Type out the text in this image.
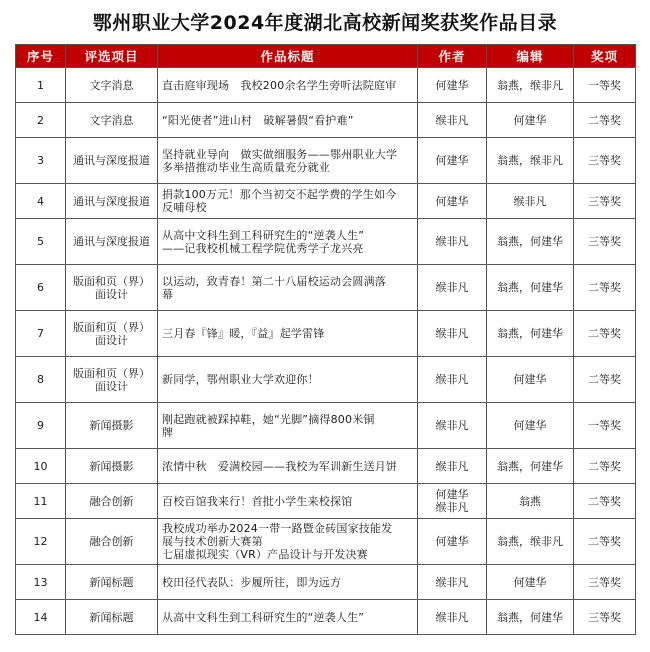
鄂州职业大学2024年度湖北高校新闻奖获奖作品目录
序号	评选项目	作品标题	作者	编辑	奖项
1	文字消息	直击庭审现场　我校200余名学生旁听法院庭审	何建华	翁燕，缑非凡	一等奖
2	文字消息	“阳光使者”进山村　破解暑假“看护难”	缑非凡	何建华	二等奖
3	通讯与深度报道	坚持就业导向　做实做细服务——鄂州职业大学
多举措推动毕业生高质量充分就业	何建华	翁燕，缑非凡	三等奖
4	通讯与深度报道	捐款100万元！那个当初交不起学费的学生如今
反哺母校	何建华	缑非凡	三等奖
5	通讯与深度报道	从高中文科生到工科研究生的“逆袭人生”
——记我校机械工程学院优秀学子龙兴亮	缑非凡	翁燕，何建华	三等奖
6	版面和页（界）
面设计	以运动，致青春！第二十八届校运动会圆满落
幕	缑非凡	翁燕，何建华	二等奖
7	版面和页（界）
面设计	三月春『锋』暖，『益』起学雷锋	缑非凡	翁燕，何建华	二等奖
8	版面和页（界）
面设计	新同学，鄂州职业大学欢迎你！	缑非凡	何建华	二等奖
9	新闻摄影	刚起跑就被踩掉鞋，她“光脚”摘得800米铜
牌	缑非凡	何建华	一等奖
10	新闻摄影	浓情中秋　爱满校园——我校为军训新生送月饼	缑非凡	翁燕，何建华	二等奖
11	融合创新	百校百馆我来行！首批小学生来校探馆	何建华
缑非凡	翁燕	二等奖
12	融合创新	我校成功举办2024一带一路暨金砖国家技能发
展与技术创新大赛第
七届虚拟现实（VR）产品设计与开发决赛	何建华	翁燕，缑非凡	二等奖
13	新闻标题	校田径代表队：步履所往，即为远方	缑非凡	何建华	三等奖
14	新闻标题	从高中文科生到工科研究生的“逆袭人生”	缑非凡	翁燕，何建华	三等奖
